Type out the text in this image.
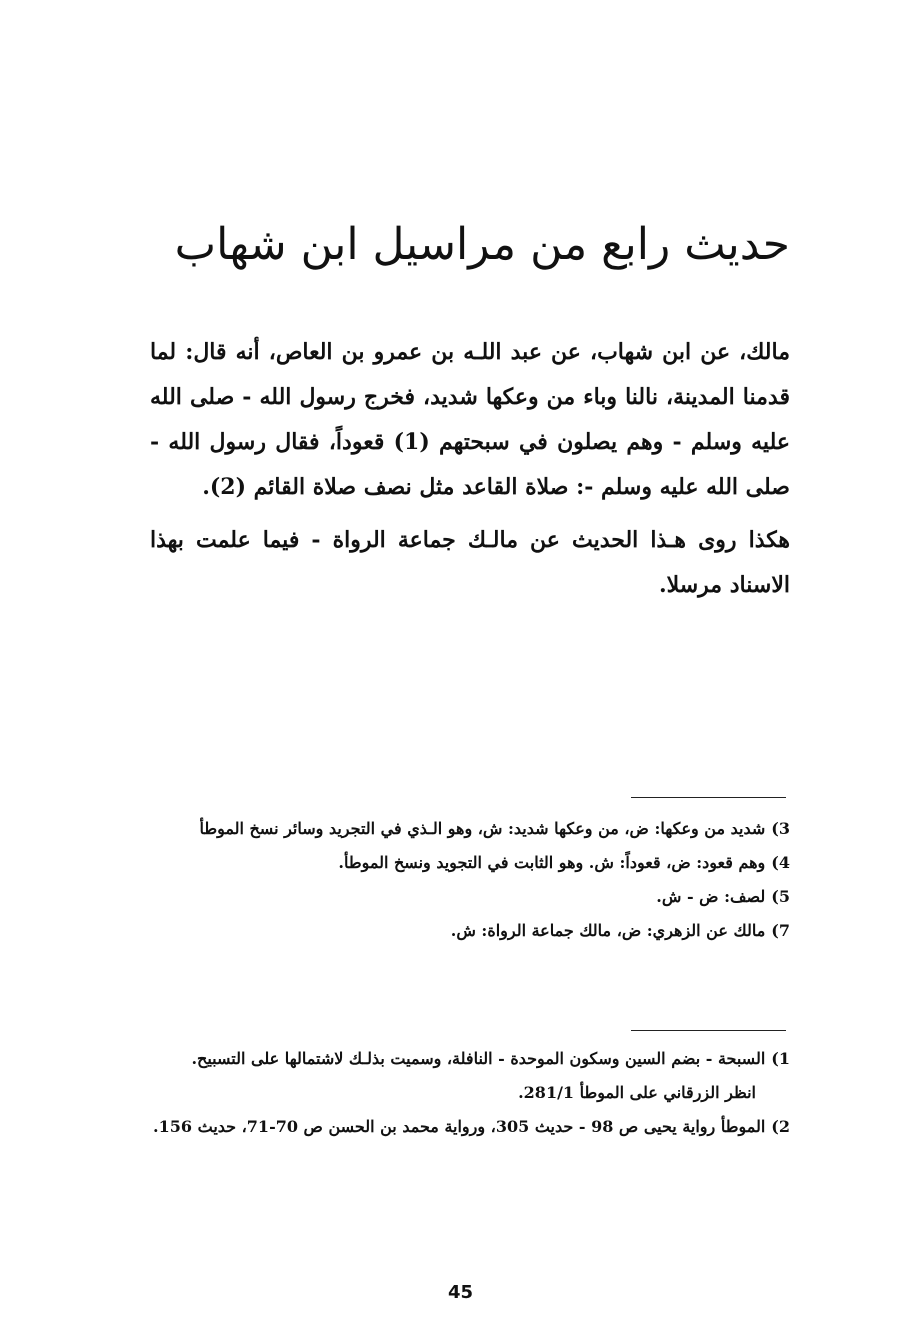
حديث رابع من مراسيل ابن شهاب

مالك، عن ابن شهاب، عن عبد اللـه بن عمرو بن العاص، أنه قال: لما قدمنا المدينة، نالنا وباء من وعكها شديد، فخرج رسول الله - صلى الله عليه وسلم - وهم يصلون في سبحتهم (1) قعوداً، فقال رسول الله - صلى الله عليه وسلم -: صلاة القاعد مثل نصف صلاة القائم (2).

هكذا روى هـذا الحديث عن مالـك جماعة الرواة - فيما علمت بهذا الاسناد مرسلا.

3)شديد من وعكها: ض، من وعكها شديد: ش، وهو الـذي في التجريد وسائر نسخ الموطأ

4)وهم قعود: ض، قعوداً: ش. وهو الثابت في التجويد ونسخ الموطأ.

5)لصف: ض - ش.

7)مالك عن الزهري: ض، مالك جماعة الرواة: ش.

1)السبحة - بضم السين وسكون الموحدة - النافلة، وسميت بذلـك لاشتمالها على التسبيح.

انظر الزرقاني على الموطأ 281/1.

2)الموطأ رواية يحيى ص 98 - حديث 305، ورواية محمد بن الحسن ص 70-71، حديث 156.

45
